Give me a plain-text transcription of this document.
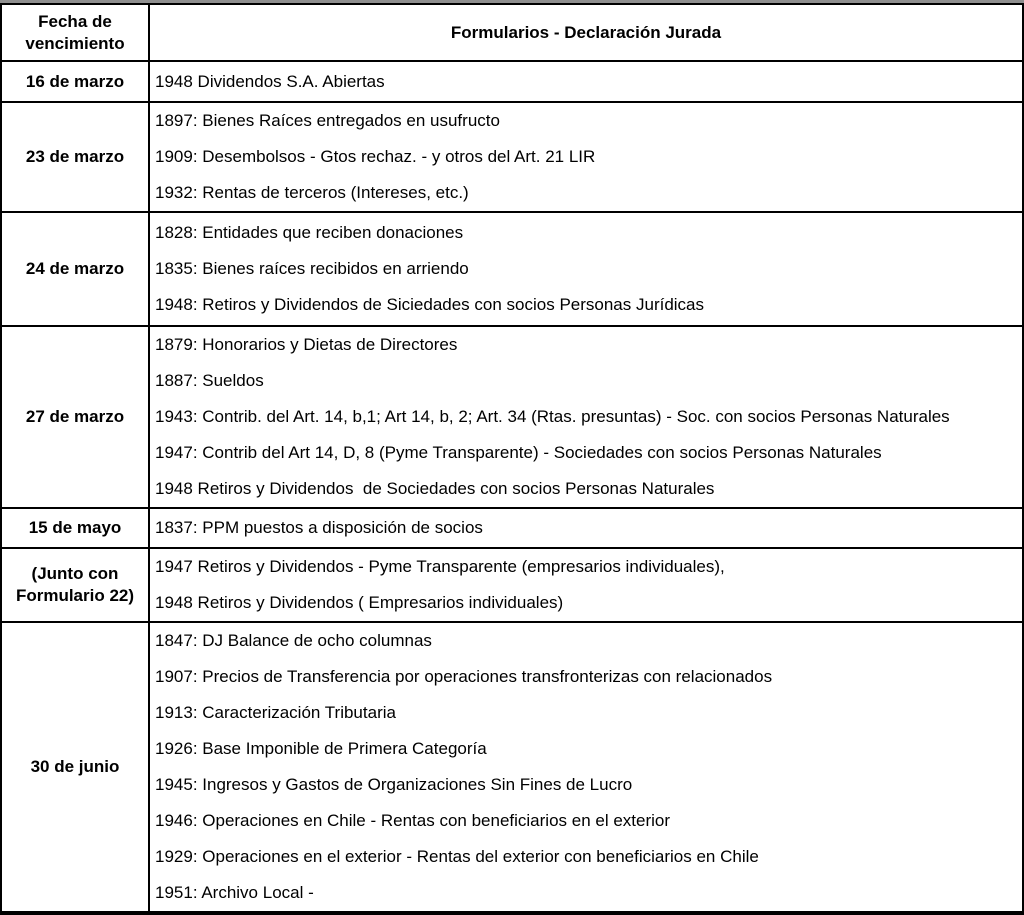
Fecha de vencimiento	Formularios - Declaración Jurada
16 de marzo	1948 Dividendos S.A. Abiertas

23 de marzo	1897: Bienes Raíces entregados en usufructo
1909: Desembolsos - Gtos rechaz. - y otros del Art. 21 LIR
1932: Rentas de terceros (Intereses, etc.)

24 de marzo	1828: Entidades que reciben donaciones
1835: Bienes raíces recibidos en arriendo
1948: Retiros y Dividendos de Siciedades con socios Personas Jurídicas

27 de marzo	1879: Honorarios y Dietas de Directores
1887: Sueldos
1943: Contrib. del Art. 14, b,1; Art 14, b, 2; Art. 34 (Rtas. presuntas) - Soc. con socios Personas Naturales
1947: Contrib del Art 14, D, 8 (Pyme Transparente) - Sociedades con socios Personas Naturales
1948 Retiros y Dividendos  de Sociedades con socios Personas Naturales

15 de mayo	1837: PPM puestos a disposición de socios

(Junto con Formulario 22)	1947 Retiros y Dividendos - Pyme Transparente (empresarios individuales),
1948 Retiros y Dividendos ( Empresarios individuales)

30 de junio	
1847: DJ Balance de ocho columnas
1907: Precios de Transferencia por operaciones transfronterizas con relacionados
1913: Caracterización Tributaria
1926: Base Imponible de Primera Categoría
1945: Ingresos y Gastos de Organizaciones Sin Fines de Lucro
1946: Operaciones en Chile - Rentas con beneficiarios en el exterior
1929: Operaciones en el exterior - Rentas del exterior con beneficiarios en Chile
1951: Archivo Local -
